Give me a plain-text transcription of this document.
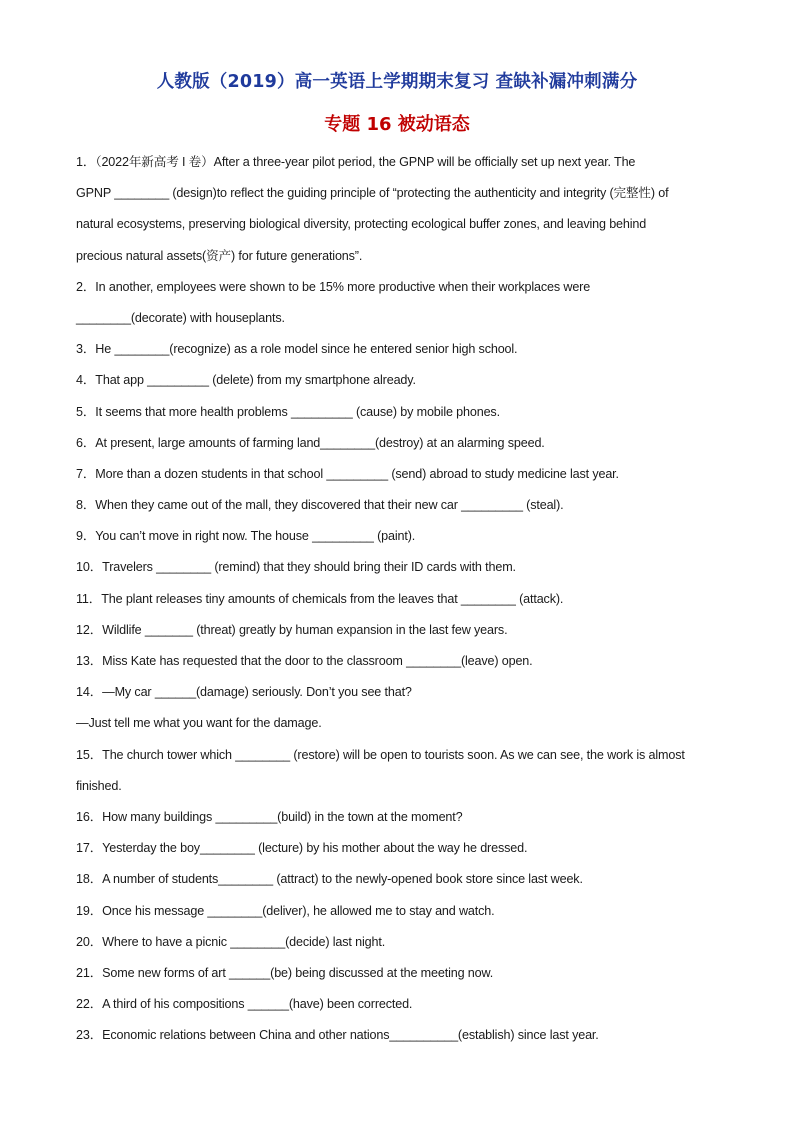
人教版（2019）高一英语上学期期末复习 查缺补漏冲刺满分
专题 16 被动语态
1．（2022年新高考 I 卷）After a three-year pilot period, the GPNP will be officially set up next year. The
GPNP ________ (design)to reflect the guiding principle of “protecting the authenticity and integrity (完整性) of
natural ecosystems, preserving biological diversity, protecting ecological buffer zones, and leaving behind
precious natural assets(资产) for future generations”.
2．In another, employees were shown to be 15% more productive when their workplaces were
________(decorate) with houseplants.
3．He ________(recognize) as a role model since he entered senior high school.
4．That app _________ (delete) from my smartphone already.
5．It seems that more health problems _________ (cause) by mobile phones.
6．At present, large amounts of farming land________(destroy) at an alarming speed.
7．More than a dozen students in that school _________ (send) abroad to study medicine last year.
8．When they came out of the mall, they discovered that their new car _________ (steal).
9．You can’t move in right now. The house _________ (paint).
10．Travelers ________ (remind) that they should bring their ID cards with them.
11．The plant releases tiny amounts of chemicals from the leaves that ________ (attack).
12．Wildlife _______ (threat) greatly by human expansion in the last few years.
13．Miss Kate has requested that the door to the classroom ________(leave) open.
14．—My car ______(damage) seriously. Don’t you see that?
—Just tell me what you want for the damage.
15．The church tower which ________ (restore) will be open to tourists soon. As we can see, the work is almost
finished.
16．How many buildings _________(build) in the town at the moment?
17．Yesterday the boy________ (lecture) by his mother about the way he dressed.
18．A number of students________ (attract) to the newly-opened book store since last week.
19．Once his message ________(deliver), he allowed me to stay and watch.
20．Where to have a picnic ________(decide) last night.
21．Some new forms of art ______(be) being discussed at the meeting now.
22．A third of his compositions ______(have) been corrected.
23．Economic relations between China and other nations__________(establish) since last year.
